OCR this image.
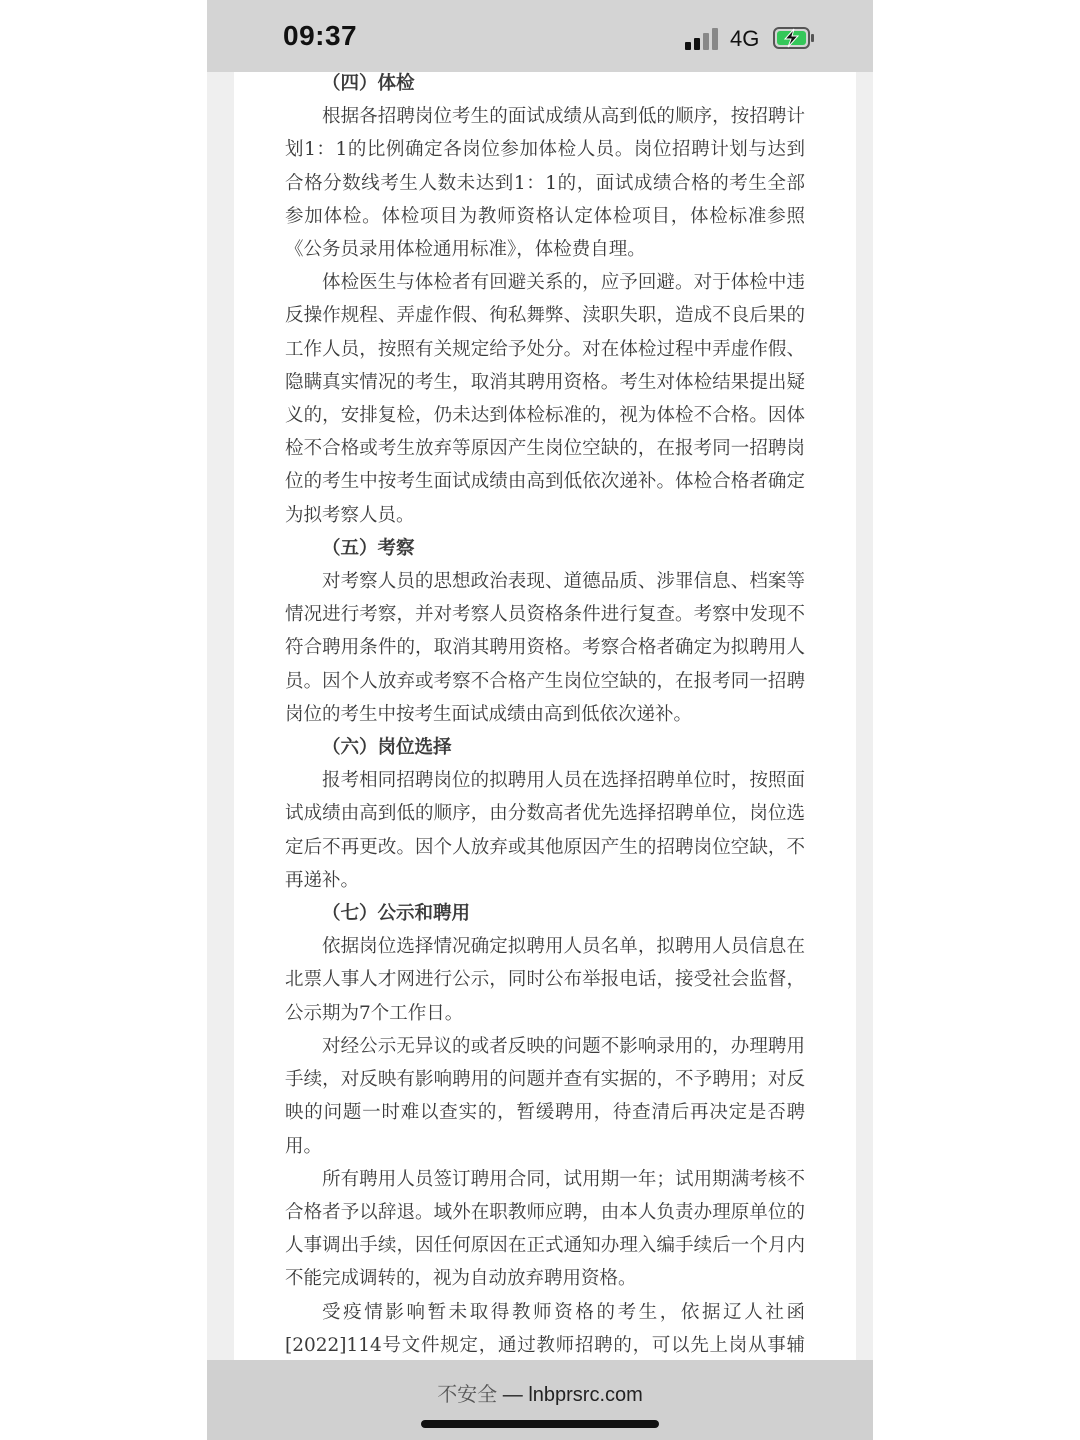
09:37	4G
（四）体检

根据各招聘岗位考生的面试成绩从高到低的顺序，按招聘计划1：1的比例确定各岗位参加体检人员。岗位招聘计划与达到合格分数线考生人数未达到1：1的，面试成绩合格的考生全部参加体检。体检项目为教师资格认定体检项目，体检标准参照《公务员录用体检通用标准》，体检费自理。

体检医生与体检者有回避关系的，应予回避。对于体检中违反操作规程、弄虚作假、徇私舞弊、渎职失职，造成不良后果的工作人员，按照有关规定给予处分。对在体检过程中弄虚作假、隐瞒真实情况的考生，取消其聘用资格。考生对体检结果提出疑义的，安排复检，仍未达到体检标准的，视为体检不合格。因体检不合格或考生放弃等原因产生岗位空缺的，在报考同一招聘岗位的考生中按考生面试成绩由高到低依次递补。体检合格者确定为拟考察人员。

（五）考察

对考察人员的思想政治表现、道德品质、涉罪信息、档案等情况进行考察，并对考察人员资格条件进行复查。考察中发现不符合聘用条件的，取消其聘用资格。考察合格者确定为拟聘用人员。因个人放弃或考察不合格产生岗位空缺的，在报考同一招聘岗位的考生中按考生面试成绩由高到低依次递补。

（六）岗位选择

报考相同招聘岗位的拟聘用人员在选择招聘单位时，按照面试成绩由高到低的顺序，由分数高者优先选择招聘单位，岗位选定后不再更改。因个人放弃或其他原因产生的招聘岗位空缺，不再递补。

（七）公示和聘用

依据岗位选择情况确定拟聘用人员名单，拟聘用人员信息在北票人事人才网进行公示，同时公布举报电话，接受社会监督，公示期为7个工作日。

对经公示无异议的或者反映的问题不影响录用的，办理聘用手续，对反映有影响聘用的问题并查有实据的，不予聘用；对反映的问题一时难以查实的，暂缓聘用，待查清后再决定是否聘用。

所有聘用人员签订聘用合同，试用期一年；试用期满考核不合格者予以辞退。域外在职教师应聘，由本人负责办理原单位的人事调出手续，因任何原因在正式通知办理入编手续后一个月内不能完成调转的，视为自动放弃聘用资格。

受疫情影响暂未取得教师资格的考生，依据辽人社函[2022]114号文件规定，通过教师招聘的，可以先上岗从事辅

不安全 — lnbprsrc.com
